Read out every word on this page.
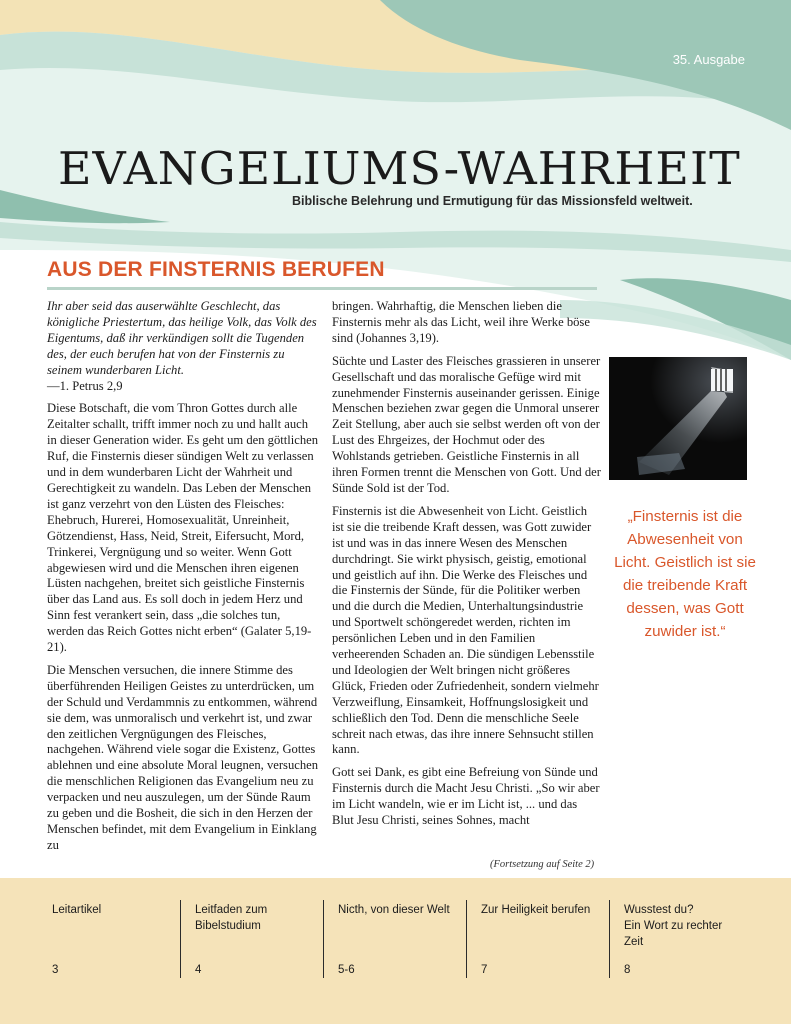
35. Ausgabe
EVANGELIUMS-WAHRHEIT
Biblische Belehrung und Ermutigung für das Missionsfeld weltweit.
AUS DER FINSTERNIS BERUFEN

Ihr aber seid das auserwählte Geschlecht, das königliche Priestertum, das heilige Volk, das Volk des Eigentums, daß ihr verkündigen sollt die Tugenden des, der euch berufen hat von der Finsternis zu seinem wunderbaren Licht.

—1. Petrus 2,9

Diese Botschaft, die vom Thron Gottes durch alle Zeitalter schallt, trifft immer noch zu und hallt auch in dieser Generation wider. Es geht um den göttlichen Ruf, die Finsternis dieser sündigen Welt zu verlassen und in dem wunderbaren Licht der Wahrheit und Gerechtigkeit zu wandeln. Das Leben der Menschen ist ganz verzehrt von den Lüsten des Fleisches: Ehebruch, Hurerei, Homosexualität, Unreinheit, Götzendienst, Hass, Neid, Streit, Eifersucht, Mord, Trinkerei, Vergnügung und so weiter. Wenn Gott abgewiesen wird und die Menschen ihren eigenen Lüsten nachgehen, breitet sich geistliche Finsternis über das Land aus. Es soll doch in jedem Herz und Sinn fest verankert sein, dass „die solches tun, werden das Reich Gottes nicht erben“ (Galater 5,19-21).

Die Menschen versuchen, die innere Stimme des überführenden Heiligen Geistes zu unterdrücken, um der Schuld und Verdammnis zu entkommen, während sie dem, was unmoralisch und verkehrt ist, und zwar den zeitlichen Vergnügungen des Fleisches, nachgehen. Während viele sogar die Existenz, Gottes ablehnen und eine absolute Moral leugnen, versuchen die menschlichen Religionen das Evangelium neu zu verpacken und neu auszulegen, um der Sünde Raum zu geben und die Bosheit, die sich in den Herzen der Menschen befindet, mit dem Evangelium in Einklang zu

bringen. Wahrhaftig, die Menschen lieben die Finsternis mehr als das Licht, weil ihre Werke böse sind (Johannes 3,19).

Süchte und Laster des Fleisches grassieren in unserer Gesellschaft und das moralische Gefüge wird mit zunehmender Finsternis auseinander gerissen. Einige Menschen beziehen zwar gegen die Unmoral unserer Zeit Stellung, aber auch sie selbst werden oft von der Lust des Ehrgeizes, der Hochmut oder des Wohlstands getrieben. Geistliche Finsternis in all ihren Formen trennt die Menschen von Gott. Und der Sünde Sold ist der Tod.

Finsternis ist die Abwesenheit von Licht. Geistlich ist sie die treibende Kraft dessen, was Gott zuwider ist und was in das innere Wesen des Menschen durchdringt. Sie wirkt physisch, geistig, emotional und geistlich auf ihn. Die Werke des Fleisches und die Finsternis der Sünde, für die Politiker werben und die durch die Medien, Unterhaltungsindustrie und Sportwelt schöngeredet werden, richten im persönlichen Leben und in den Familien verheerenden Schaden an. Die sündigen Lebensstile und Ideologien der Welt bringen nicht größeres Glück, Frieden oder Zufriedenheit, sondern vielmehr Verzweiflung, Einsamkeit, Hoffnungslosigkeit und schließlich den Tod. Denn die menschliche Seele schreit nach etwas, das ihre innere Sehnsucht stillen kann.

Gott sei Dank, es gibt eine Befreiung von Sünde und Finsternis durch die Macht Jesu Christi. „So wir aber im Licht wandeln, wie er im Licht ist, ... und das Blut Jesu Christi, seines Sohnes, macht

(Fortsetzung auf Seite 2)
„Finsternis ist die Abwesenheit von Licht. Geistlich ist sie die treibende Kraft dessen, was Gott zuwider ist.“
Leitartikel
3
Leitfaden zum
Bibelstudium
4
Nicth, von dieser Welt
5-6
Zur Heiligkeit berufen
7
Wusstest du?
Ein Wort zu rechter
Zeit
8
